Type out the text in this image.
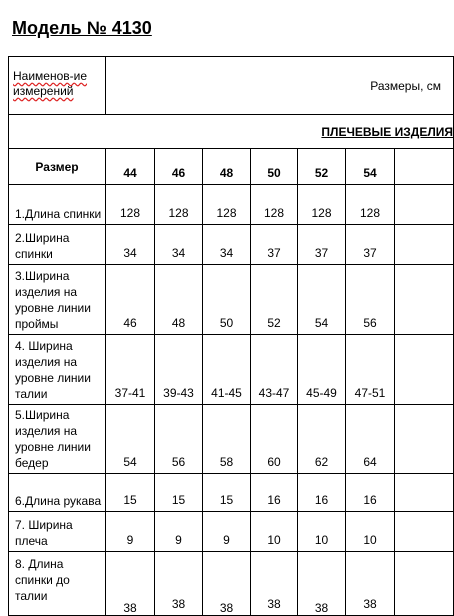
Модель № 4130
Наименов-ие измерений	Размеры, см						
ПЛЕЧЕВЫЕ ИЗДЕЛИЯ							
Размер	44	46	48	50	52	54	
1.Длина спинки	128	128	128	128	128	128	
2.Ширина спинки	34	34	34	37	37	37	
3.Ширина изделия на уровне линии проймы	46	48	50	52	54	56	
4. Ширина изделия на уровне линии талии	37-41	39-43	41-45	43-47	45-49	47-51	
5.Ширина изделия на уровне линии бедер	54	56	58	60	62	64	
6.Длина рукава	15	15	15	16	16	16	
7. Ширина плеча	9	9	9	10	10	10	
8. Длина спинки до талии	38	38	38	38	38	38	
